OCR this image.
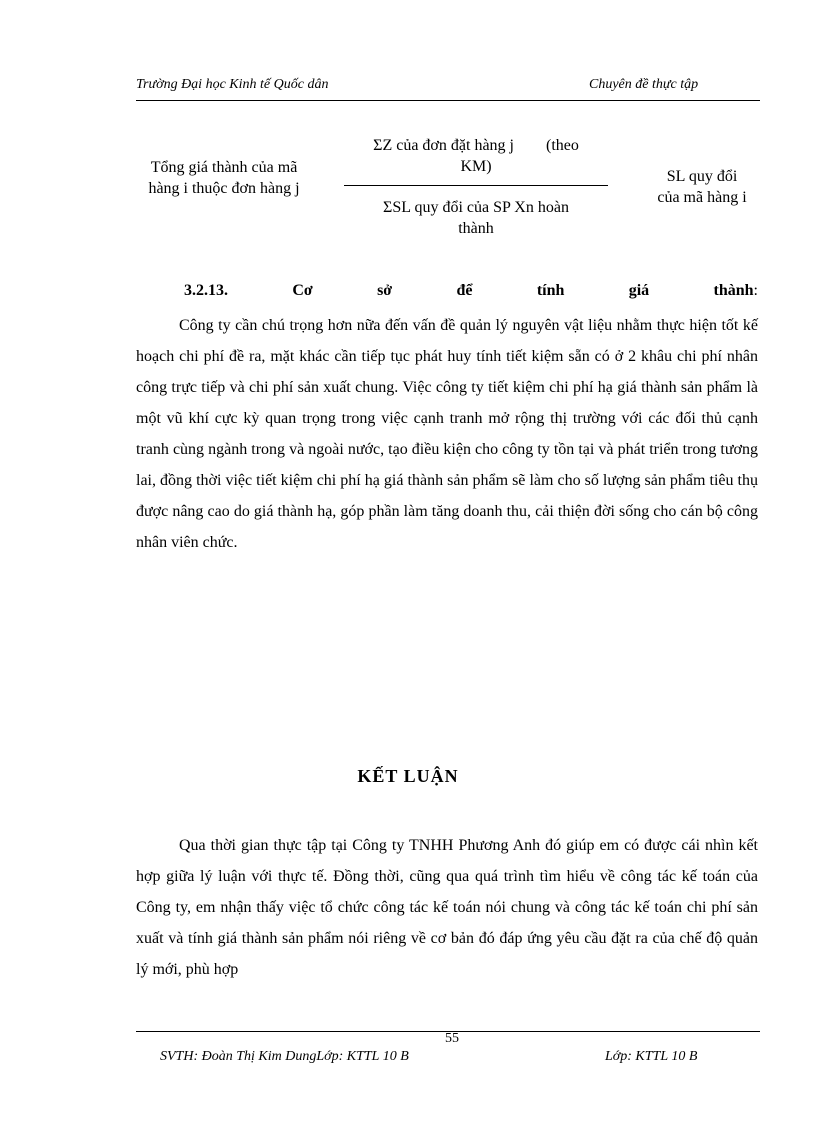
Trường Đại học Kinh tế Quốc dân	Chuyên đề thực tập
Tổng giá thành của mã hàng i thuộc đơn hàng j
ΣZ của đơn đặt hàng j        (theo
KM)
ΣSL quy đổi của SP Xn hoàn
thành
SL quy đổi
của mã hàng i
3.2.13.	Cơ	sở	để	tính	giá	thành:
Công ty cần chú trọng hơn nữa đến vấn đề quản lý nguyên vật liệu nhằm thực hiện tốt kế hoạch chi phí đề ra, mặt khác cần tiếp tục phát huy tính tiết kiệm sẵn có ở 2 khâu chi phí nhân công trực tiếp và chi phí sản xuất chung. Việc công ty tiết kiệm chi phí hạ giá thành sản phẩm là một vũ khí cực kỳ quan trọng trong việc cạnh tranh mở rộng thị trường với các đối thủ cạnh tranh cùng ngành trong và ngoài nước, tạo điều kiện cho công ty tồn tại và phát triển trong tương lai, đồng thời việc tiết kiệm chi phí hạ giá thành sản phẩm sẽ làm cho số lượng sản phẩm tiêu thụ được nâng cao do giá thành hạ, góp phần làm tăng doanh thu, cải thiện đời sống cho cán bộ công nhân viên chức.
KẾT LUẬN
Qua thời gian thực tập tại Công ty TNHH Phương Anh đó giúp em có được cái nhìn kết hợp giữa lý luận với thực tế. Đồng thời, cũng qua quá trình tìm hiểu về công tác kế toán của Công ty, em nhận thấy việc tổ chức công tác kế toán nói chung và công tác kế toán chi phí sản xuất và tính giá thành sản phẩm nói riêng về cơ bản đó đáp ứng yêu cầu đặt ra của chế độ quản lý mới, phù hợp
55
SVTH: Đoàn Thị Kim DungLớp: KTTL 10 B	Lớp: KTTL 10 B
